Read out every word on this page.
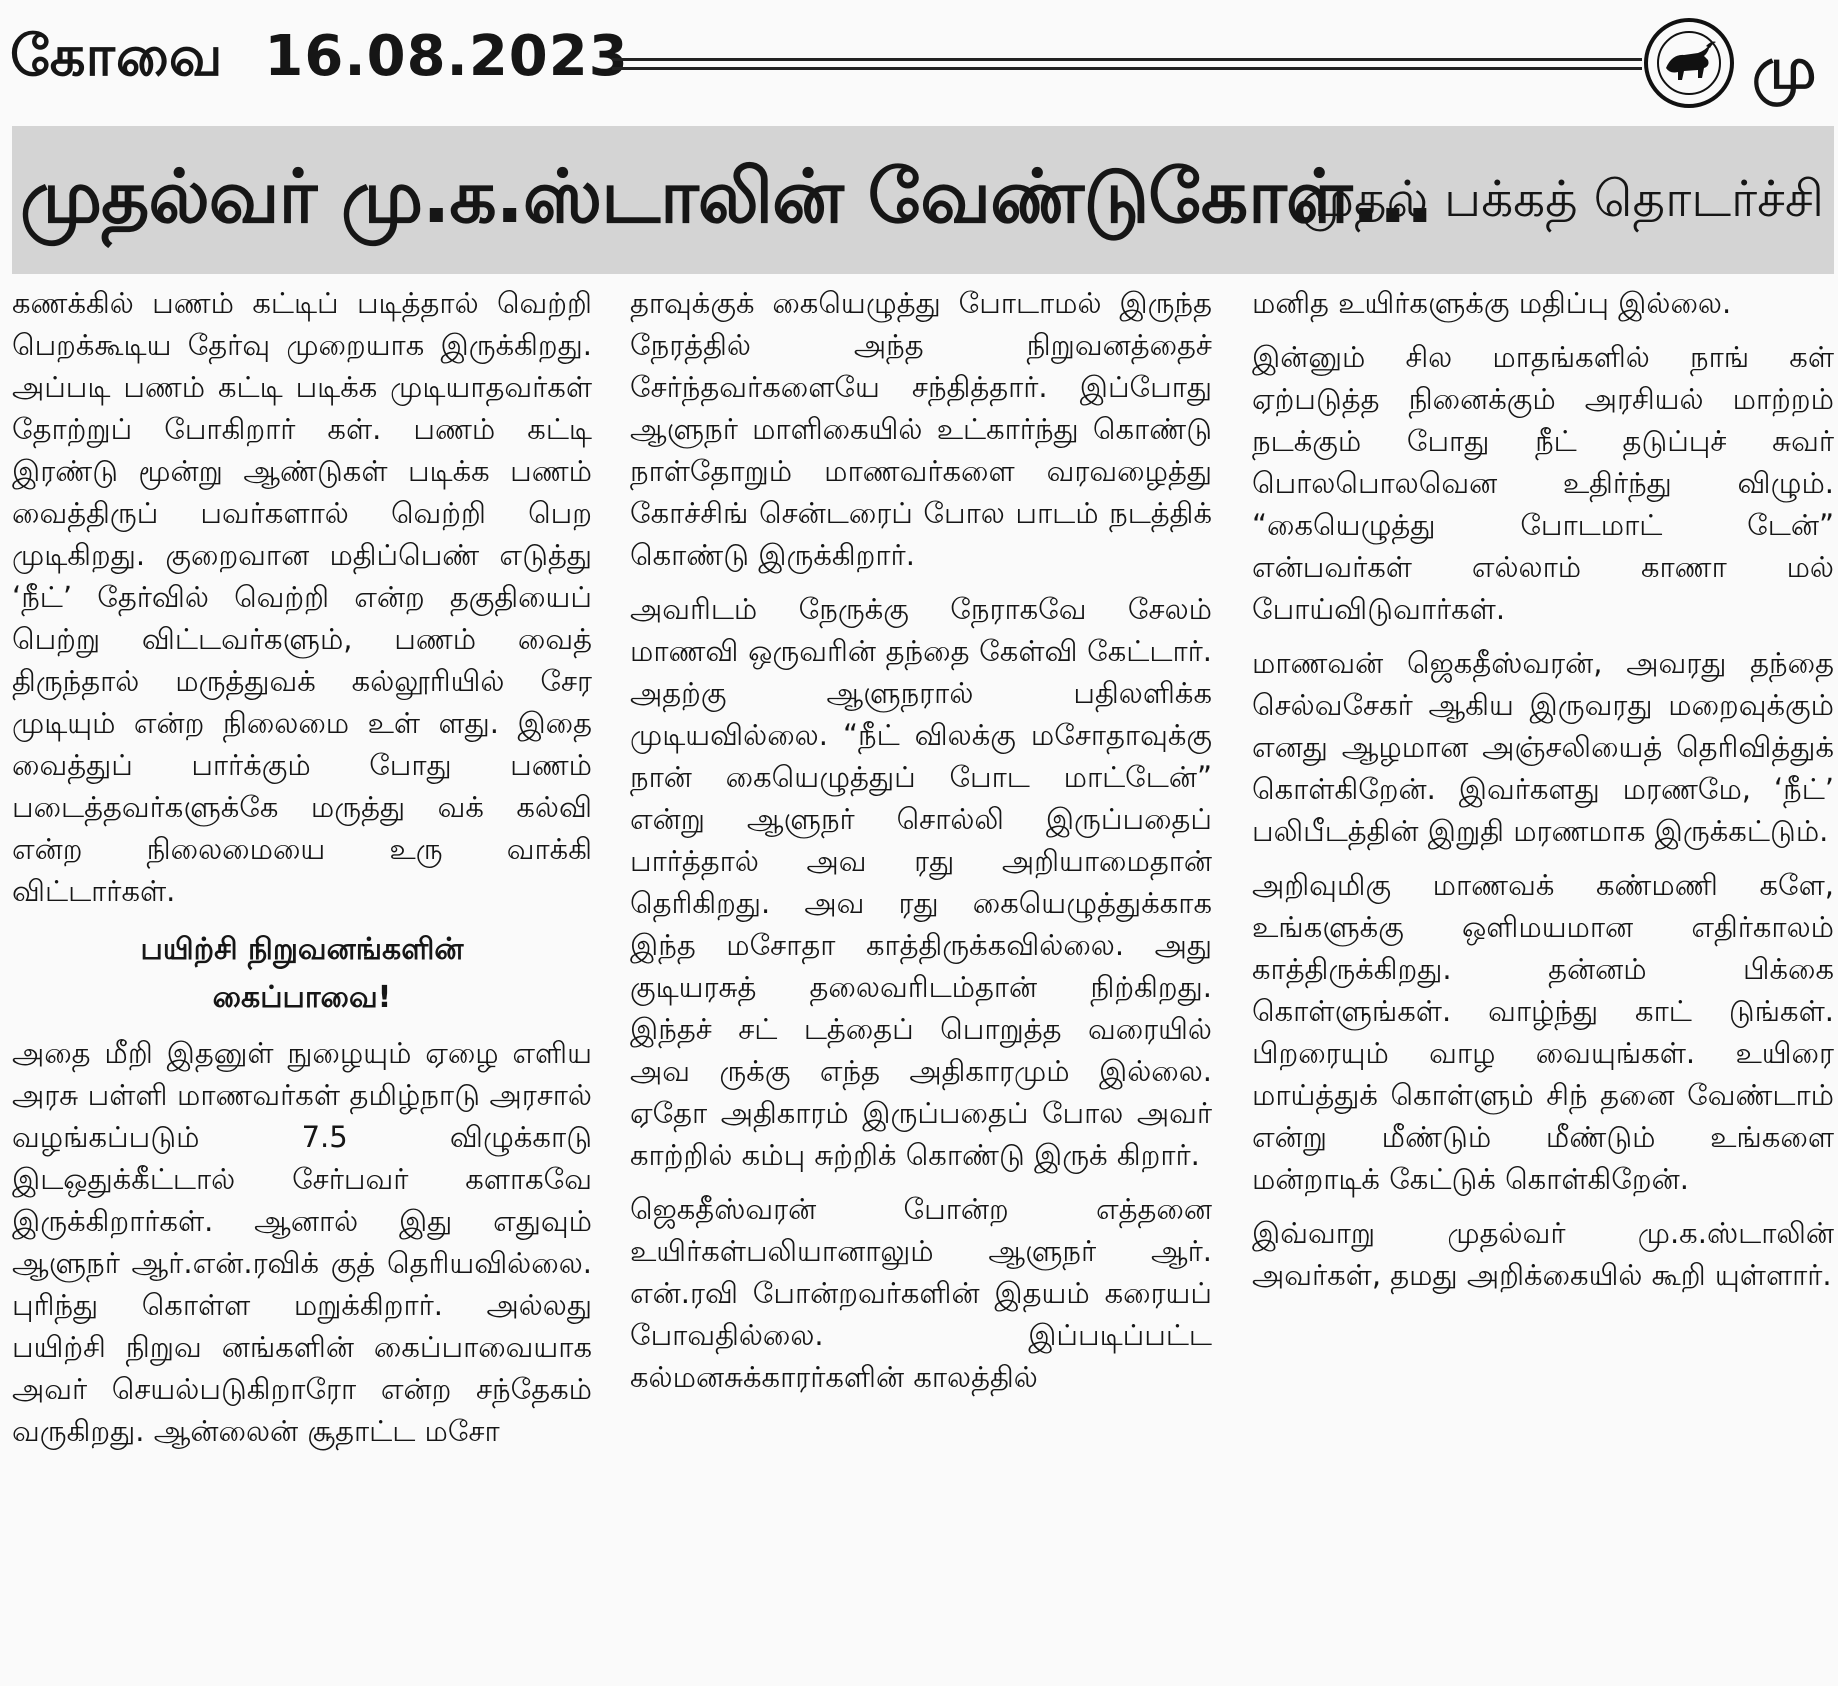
கோவை 16.08.2023	மு
முதல்வர் மு.க.ஸ்டாலின் வேண்டுகோள்...
முதல் பக்கத் தொடர்ச்சி

கணக்கில் பணம் கட்டிப் படித்தால் வெற்றி பெறக்கூடிய தேர்வு முறையாக இருக்கிறது. அப்படி பணம் கட்டி படிக்க முடியாதவர்கள் தோற்றுப் போகிறார் கள். பணம் கட்டி இரண்டு மூன்று ஆண்டுகள் படிக்க பணம் வைத்திருப் பவர்களால் வெற்றி பெற முடிகிறது. குறைவான மதிப்பெண் எடுத்து ‘நீட்’ தேர்வில் வெற்றி என்ற தகுதியைப் பெற்று விட்டவர்களும், பணம் வைத் திருந்தால் மருத்துவக் கல்லூரியில் சேர முடியும் என்ற நிலைமை உள் ளது. இதை வைத்துப் பார்க்கும் போது பணம் படைத்தவர்களுக்கே மருத்து வக் கல்வி என்ற நிலைமையை உரு வாக்கி விட்டார்கள்.

பயிற்சி நிறுவனங்களின்
கைப்பாவை!

அதை மீறி இதனுள் நுழையும் ஏழை எளிய அரசு பள்ளி மாணவர்கள் தமிழ்நாடு அரசால் வழங்கப்படும் 7.5 விழுக்காடு இடஒதுக்கீட்டால் சேர்பவர் களாகவே இருக்கிறார்கள். ஆனால் இது எதுவும் ஆளுநர் ஆர்.என்.ரவிக் குத் தெரியவில்லை. புரிந்து கொள்ள மறுக்கிறார். அல்லது பயிற்சி நிறுவ னங்களின் கைப்பாவையாக அவர் செயல்படுகிறாரோ என்ற சந்தேகம் வருகிறது. ஆன்லைன் சூதாட்ட மசோ

தாவுக்குக் கையெழுத்து போடாமல் இருந்த நேரத்தில் அந்த நிறுவனத்தைச் சேர்ந்தவர்களையே சந்தித்தார். இப்போது ஆளுநர் மாளிகையில் உட்கார்ந்து கொண்டு நாள்தோறும் மாணவர்களை வரவழைத்து கோச்சிங் சென்டரைப் போல பாடம் நடத்திக் கொண்டு இருக்கிறார்.

அவரிடம் நேருக்கு நேராகவே சேலம் மாணவி ஒருவரின் தந்தை கேள்வி கேட்டார். அதற்கு ஆளுநரால் பதிலளிக்க முடியவில்லை. “நீட் விலக்கு மசோதாவுக்கு நான் கையெழுத்துப் போட மாட்டேன்” என்று ஆளுநர் சொல்லி இருப்பதைப் பார்த்தால் அவ ரது அறியாமைதான் தெரிகிறது. அவ ரது கையெழுத்துக்காக இந்த மசோதா காத்திருக்கவில்லை. அது குடியரசுத் தலைவரிடம்தான் நிற்கிறது. இந்தச் சட் டத்தைப் பொறுத்த வரையில் அவ ருக்கு எந்த அதிகாரமும் இல்லை. ஏதோ அதிகாரம் இருப்பதைப் போல அவர் காற்றில் கம்பு சுற்றிக் கொண்டு இருக் கிறார்.

ஜெகதீஸ்வரன் போன்ற எத்தனை உயிர்கள்பலியானாலும் ஆளுநர் ஆர். என்.ரவி போன்றவர்களின் இதயம் கரையப் போவதில்லை. இப்படிப்பட்ட கல்மனசுக்காரர்களின் காலத்தில்

மனித உயிர்களுக்கு மதிப்பு இல்லை.

இன்னும் சில மாதங்களில் நாங் கள் ஏற்படுத்த நினைக்கும் அரசியல் மாற்றம் நடக்கும் போது நீட் தடுப்புச் சுவர் பொலபொலவென உதிர்ந்து விழும். “கையெழுத்து போடமாட் டேன்” என்பவர்கள் எல்லாம் காணா மல் போய்விடுவார்கள்.

மாணவன் ஜெகதீஸ்வரன், அவரது தந்தை செல்வசேகர் ஆகிய இருவரது மறைவுக்கும் எனது ஆழமான அஞ்சலியைத் தெரிவித்துக் கொள்கிறேன். இவர்களது மரணமே, ‘நீட்’ பலிபீடத்தின் இறுதி மரணமாக இருக்கட்டும்.

அறிவுமிகு மாணவக் கண்மணி களே, உங்களுக்கு ஒளிமயமான எதிர்காலம் காத்திருக்கிறது. தன்னம் பிக்கை கொள்ளுங்கள். வாழ்ந்து காட் டுங்கள். பிறரையும் வாழ வையுங்கள். உயிரை மாய்த்துக் கொள்ளும் சிந் தனை வேண்டாம் என்று மீண்டும் மீண்டும் உங்களை மன்றாடிக் கேட்டுக் கொள்கிறேன்.

இவ்வாறு முதல்வர் மு.க.ஸ்டாலின் அவர்கள், தமது அறிக்கையில் கூறி யுள்ளார்.
